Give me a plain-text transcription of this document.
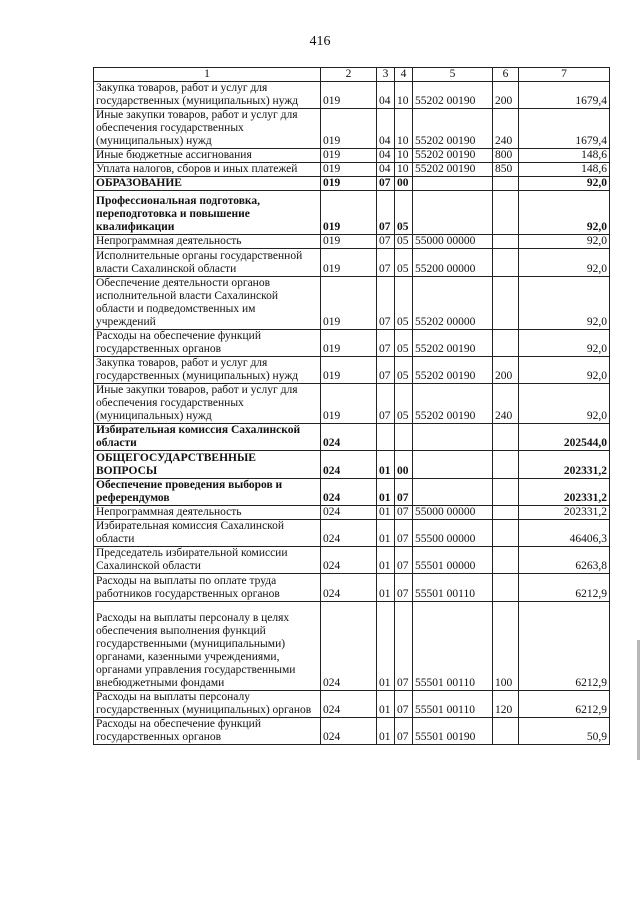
416
1	2	3	4	5	6	7
Закупка товаров, работ и услуг для государственных (муниципальных) нужд	019	04	10	55202 00190	200	1679,4
Иные закупки товаров, работ и услуг для обеспечения государственных (муниципальных) нужд	019	04	10	55202 00190	240	1679,4
Иные бюджетные ассигнования	019	04	10	55202 00190	800	148,6
Уплата налогов, сборов и иных платежей	019	04	10	55202 00190	850	148,6
ОБРАЗОВАНИЕ	019	07	00			92,0
Профессиональная подготовка, переподготовка и повышение квалификации	019	07	05			92,0
Непрограммная деятельность	019	07	05	55000 00000		92,0
Исполнительные органы государственной власти Сахалинской области	019	07	05	55200 00000		92,0
Обеспечение деятельности органов исполнительной власти Сахалинской области и подведомственных им учреждений	019	07	05	55202 00000		92,0
Расходы на обеспечение функций государственных органов	019	07	05	55202 00190		92,0
Закупка товаров, работ и услуг для государственных (муниципальных) нужд	019	07	05	55202 00190	200	92,0
Иные закупки товаров, работ и услуг для обеспечения государственных (муниципальных) нужд	019	07	05	55202 00190	240	92,0
Избирательная комиссия Сахалинской области	024					202544,0
ОБЩЕГОСУДАРСТВЕННЫЕ ВОПРОСЫ	024	01	00			202331,2
Обеспечение проведения выборов и референдумов	024	01	07			202331,2
Непрограммная деятельность	024	01	07	55000 00000		202331,2
Избирательная комиссия Сахалинской области	024	01	07	55500 00000		46406,3
Председатель избирательной комиссии Сахалинской области	024	01	07	55501 00000		6263,8
Расходы на выплаты по оплате труда работников государственных органов	024	01	07	55501 00110		6212,9
Расходы на выплаты персоналу в целях обеспечения выполнения функций государственными (муниципальными) органами, казенными учреждениями, органами управления государственными внебюджетными фондами	024	01	07	55501 00110	100	6212,9
Расходы на выплаты персоналу государственных (муниципальных) органов	024	01	07	55501 00110	120	6212,9
Расходы на обеспечение функций государственных органов	024	01	07	55501 00190		50,9
